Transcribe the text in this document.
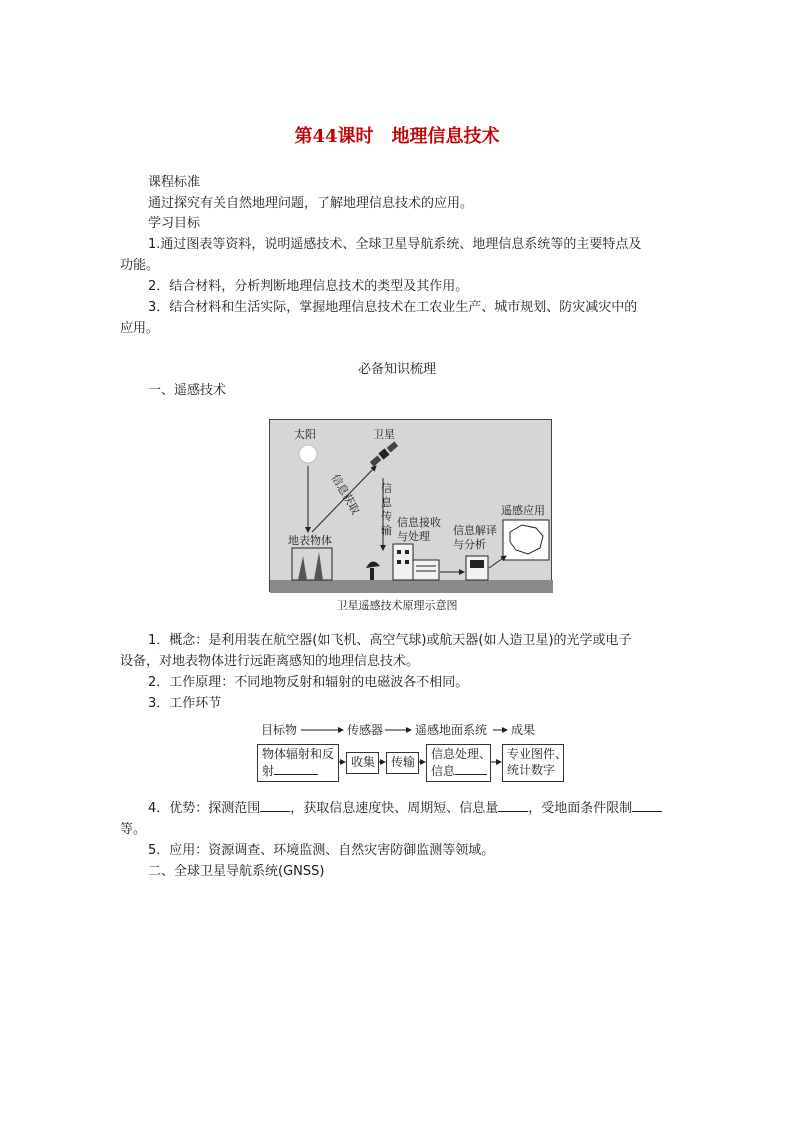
第44课时　地理信息技术
课程标准
通过探究有关自然地理问题，了解地理信息技术的应用。
学习目标
1.通过图表等资料，说明遥感技术、全球卫星导航系统、地理信息系统等的主要特点及
功能。
2．结合材料，分析判断地理信息技术的类型及其作用。
3．结合材料和生活实际，掌握地理信息技术在工农业生产、城市规划、防灾减灾中的
应用。
必备知识梳理
一、遥感技术
太阳	卫星
信息获取 信息传输
地表物体
信息接收与处理	信息解译与分析
遥感应用
卫星遥感技术原理示意图
1．概念：是利用装在航空器(如飞机、高空气球)或航天器(如人造卫星)的光学或电子
设备，对地表物体进行远距离感知的地理信息技术。
2．工作原理：不同地物反射和辐射的电磁波各不相同。
3．工作环节
目标物	传感器	遥感地面系统 成果
物体辐射和反
射
收集	传输
信息处理、
信息
专业图件、
统计数字
4．优势：探测范围 ，获取信息速度快、周期短、信息量 ，受地面条件限制
等。
5．应用：资源调查、环境监测、自然灾害防御监测等领域。
二、全球卫星导航系统(GNSS)
